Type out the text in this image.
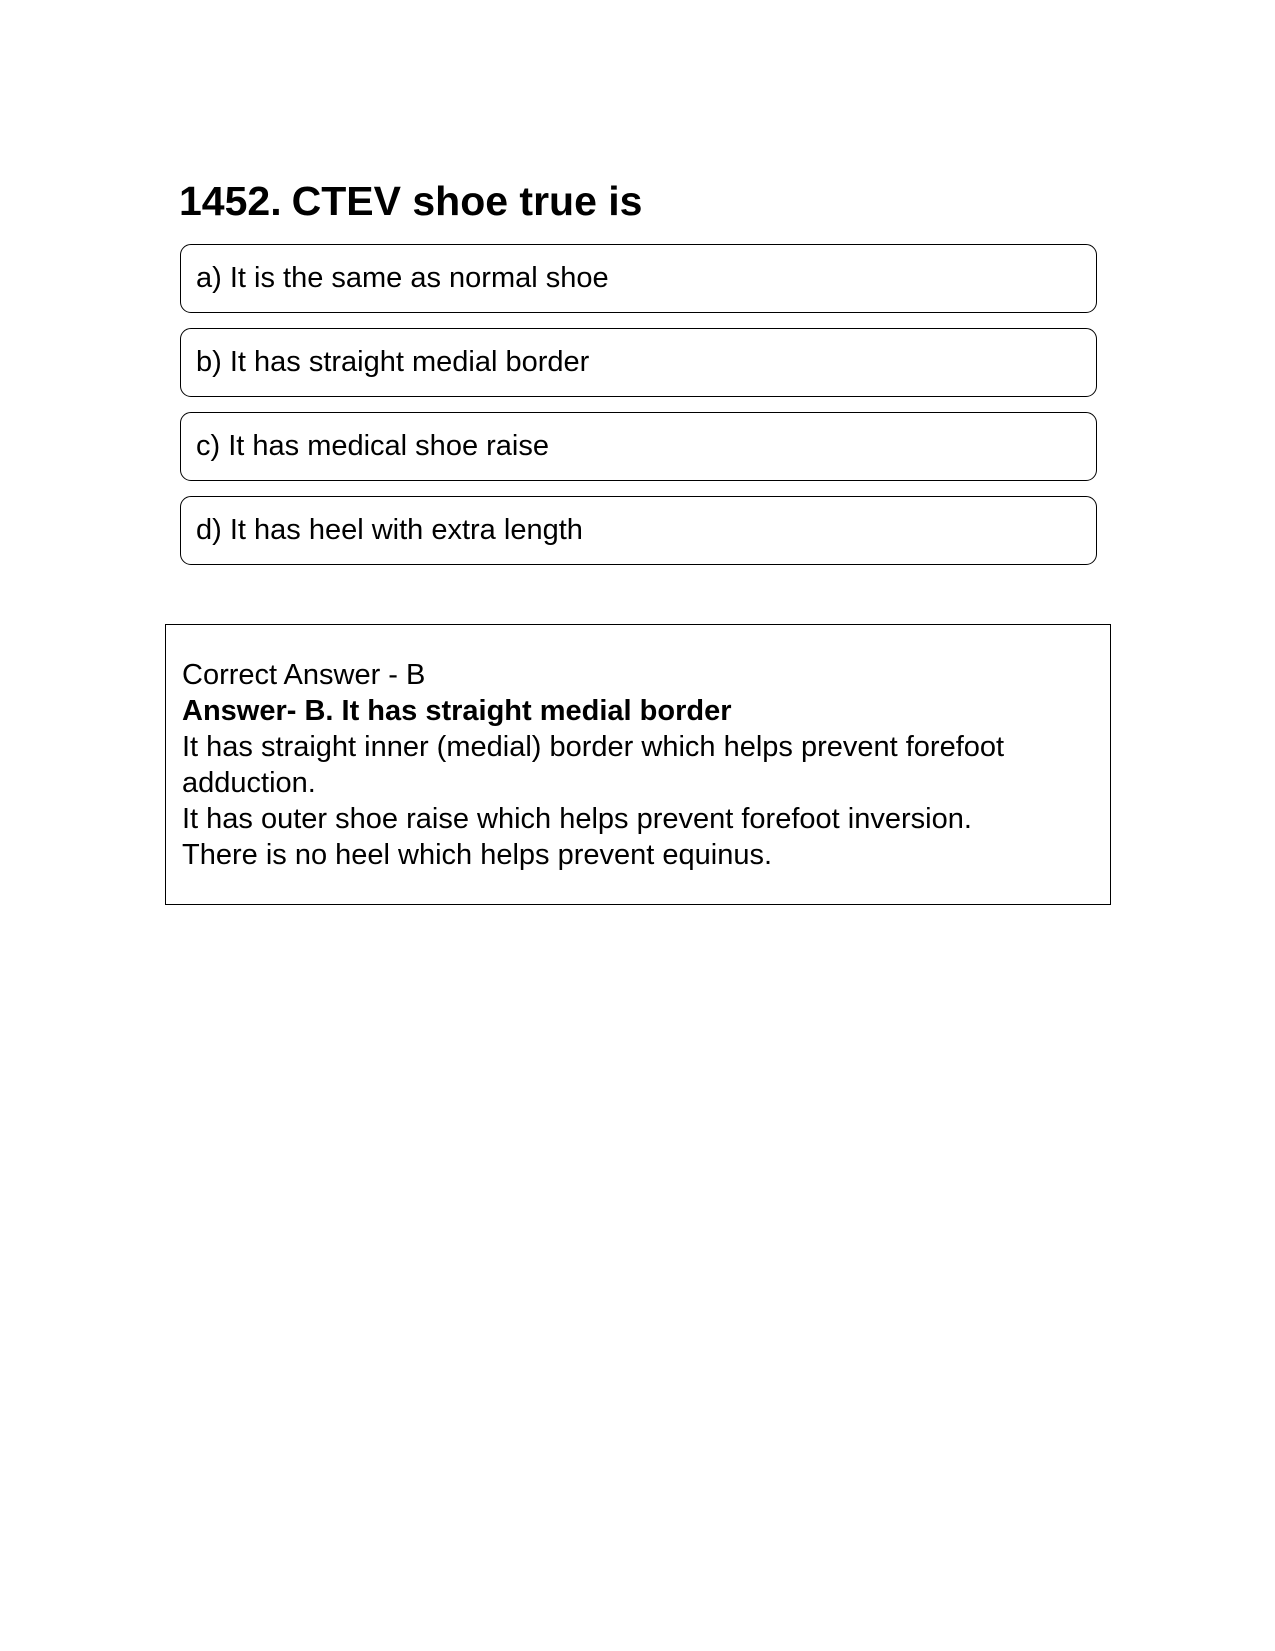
1452. CTEV shoe true is
a) It is the same as normal shoe
b) It has straight medial border
c) It has medical shoe raise
d) It has heel with extra length

Correct Answer - B

Answer- B. It has straight medial border

It has straight inner (medial) border which helps prevent forefoot adduction.

It has outer shoe raise which helps prevent forefoot inversion.

There is no heel which helps prevent equinus.
